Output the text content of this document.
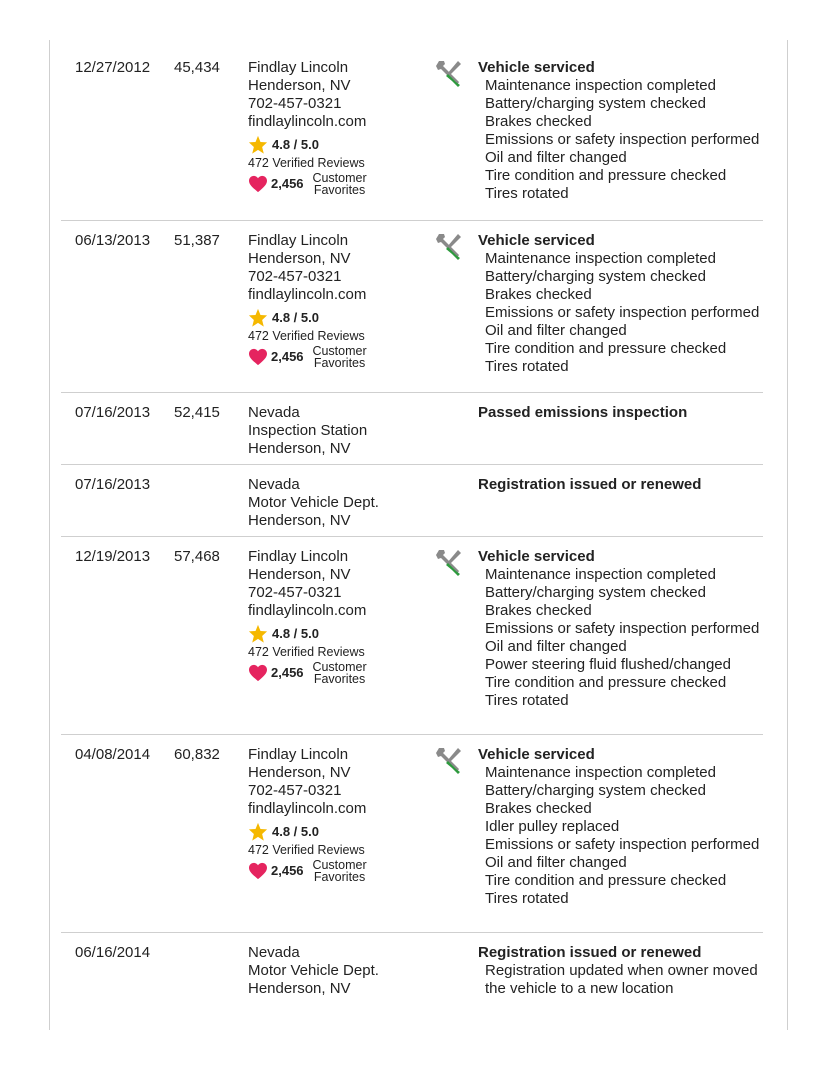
12/27/2012 45,434 Findlay Lincoln
Henderson, NV
702-457-0321
findlaylincoln.com
4.8 / 5.0
472 Verified Reviews
2,456 Customer Favorites
Vehicle serviced
Maintenance inspection completed
Battery/charging system checked
Brakes checked
Emissions or safety inspection performed
Oil and filter changed
Tire condition and pressure checked
Tires rotated
06/13/2013 51,387 Findlay Lincoln
Henderson, NV
702-457-0321
findlaylincoln.com
4.8 / 5.0
472 Verified Reviews
2,456 Customer Favorites
Vehicle serviced
Maintenance inspection completed
Battery/charging system checked
Brakes checked
Emissions or safety inspection performed
Oil and filter changed
Tire condition and pressure checked
Tires rotated
07/16/2013 52,415 Nevada
Inspection Station
Henderson, NV
Passed emissions inspection
07/16/2013	Nevada
Motor Vehicle Dept.
Henderson, NV
Registration issued or renewed
12/19/2013 57,468 Findlay Lincoln
Henderson, NV
702-457-0321
findlaylincoln.com
4.8 / 5.0
472 Verified Reviews
2,456 Customer Favorites
Vehicle serviced
Maintenance inspection completed
Battery/charging system checked
Brakes checked
Emissions or safety inspection performed
Oil and filter changed
Power steering fluid flushed/changed
Tire condition and pressure checked
Tires rotated
04/08/2014 60,832 Findlay Lincoln
Henderson, NV
702-457-0321
findlaylincoln.com
4.8 / 5.0
472 Verified Reviews
2,456 Customer Favorites
Vehicle serviced
Maintenance inspection completed
Battery/charging system checked
Brakes checked
Idler pulley replaced
Emissions or safety inspection performed
Oil and filter changed
Tire condition and pressure checked
Tires rotated
06/16/2014	Nevada
Motor Vehicle Dept.
Henderson, NV
Registration issued or renewed
Registration updated when owner moved the vehicle to a new location
